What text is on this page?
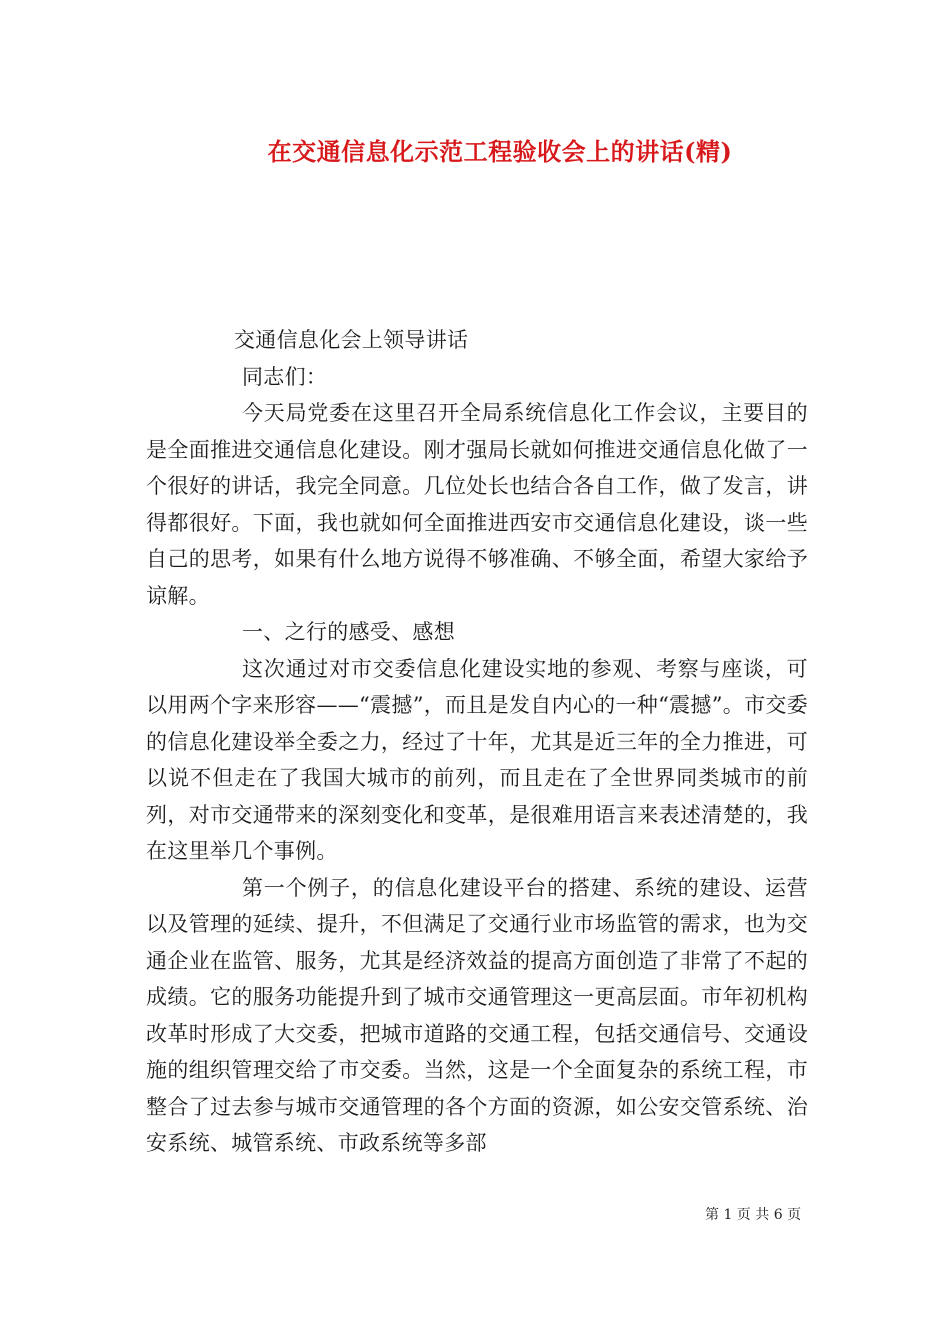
在交通信息化示范工程验收会上的讲话(精)

交通信息化会上领导讲话

同志们：

今天局党委在这里召开全局系统信息化工作会议，主要目的是全面推进交通信息化建设。刚才强局长就如何推进交通信息化做了一个很好的讲话，我完全同意。几位处长也结合各自工作，做了发言，讲得都很好。下面，我也就如何全面推进西安市交通信息化建设，谈一些自己的思考，如果有什么地方说得不够准确、不够全面，希望大家给予谅解。

一、之行的感受、感想

这次通过对市交委信息化建设实地的参观、考察与座谈，可以用两个字来形容——“震撼”，而且是发自内心的一种“震撼”。市交委的信息化建设举全委之力，经过了十年，尤其是近三年的全力推进，可以说不但走在了我国大城市的前列，而且走在了全世界同类城市的前列，对市交通带来的深刻变化和变革，是很难用语言来表述清楚的，我在这里举几个事例。

第一个例子，的信息化建设平台的搭建、系统的建设、运营以及管理的延续、提升，不但满足了交通行业市场监管的需求，也为交通企业在监管、服务，尤其是经济效益的提高方面创造了非常了不起的成绩。它的服务功能提升到了城市交通管理这一更高层面。市年初机构改革时形成了大交委，把城市道路的交通工程，包括交通信号、交通设施的组织管理交给了市交委。当然，这是一个全面复杂的系统工程，市整合了过去参与城市交通管理的各个方面的资源，如公安交管系统、治安系统、城管系统、市政系统等多部

第 1 页 共 6 页
